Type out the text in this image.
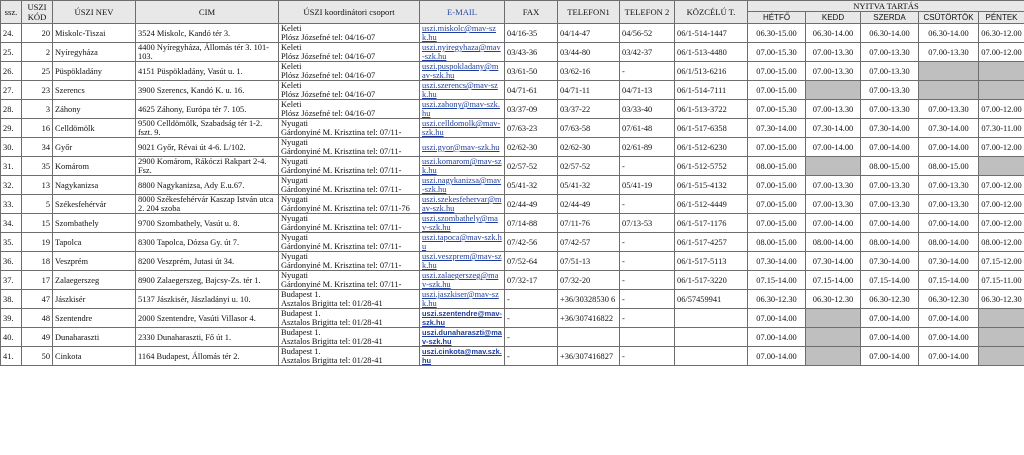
ssz.	USZI KÓD	ÚSZI NEV	CIM	ÚSZI koordinátori csoport	E-MAIL	FAX	TELEFON1	TELEFON 2	KÖZCÉLÚ T.	NYITVA TARTÁS				
										HÉTFŐ	KEDD	SZERDA	CSÜTÖRTÖK	PÉNTEK
24.	20	Miskolc-Tiszai	3524 Miskolc, Kandó tér 3.	Keleti
Plósz Józsefné tel: 04/16-07	uszi.miskolc@mav-szk.hu	04/16-35	04/14-47	04/56-52	06/1-514-1447	06.30-15.00	06.30-14.00	06.30-14.00	06.30-14.00	06.30-12.00
25.	2	Nyíregyháza	4400 Nyíregyháza, Állomás tér 3. 101-103.	Keleti
Plósz Józsefné tel: 04/16-07	uszi.nyiregyhaza@mav-szk.hu	03/43-36	03/44-80	03/42-37	06/1-513-4480	07.00-15.30	07.00-13.30	07.00-13.30	07.00-13.30	07.00-12.00
26.	25	Püspökladány	4151 Püspökladány, Vasút u. 1.	Keleti
Plósz Józsefné tel: 04/16-07	uszi.puspokladany@mav-szk.hu	03/61-50	03/62-16	-	06/1/513-6216	07.00-15.00	07.00-13.30	07.00-13.30		
27.	23	Szerencs	3900 Szerencs, Kandó K. u. 16.	Keleti
Plósz Józsefné tel: 04/16-07	uszi.szerencs@mav-szk.hu	04/71-61	04/71-11	04/71-13	06/1-514-7111	07.00-15.00		07.00-13.30		
28.	3	Záhony	4625 Záhony, Európa tér 7. 105.	Keleti
Plósz Józsefné tel: 04/16-07	uszi.zahony@mav-szk.hu	03/37-09	03/37-22	03/33-40	06/1-513-3722	07.00-15.30	07.00-13.30	07.00-13.30	07.00-13.30	07.00-12.00
29.	16	Celldömölk	9500 Celldömölk, Szabadság tér 1-2. fszt. 9.	Nyugati
Gárdonyiné M. Krisztina tel: 07/11-	uszi.celldomolk@mav-szk.hu	07/63-23	07/63-58	07/61-48	06/1-517-6358	07.30-14.00	07.30-14.00	07.30-14.00	07.30-14.00	07.30-11.00
30.	34	Győr	9021 Győr, Révai út 4-6. L/102.	Nyugati
Gárdonyiné M. Krisztina tel: 07/11-	uszi.gyor@mav-szk.hu	02/62-30	02/62-30	02/61-89	06/1-512-6230	07.00-15.00	07.00-14.00	07.00-14.00	07.00-14.00	07.00-12.00
31.	35	Komárom	2900 Komárom, Rákóczi Rakpart 2-4. Fsz.	Nyugati
Gárdonyiné M. Krisztina tel: 07/11-	uszi.komarom@mav-szk.hu	02/57-52	02/57-52	-	06/1-512-5752	08.00-15.00		08.00-15.00	08.00-15.00	
32.	13	Nagykanizsa	8800 Nagykanizsa, Ady E.u.67.	Nyugati
Gárdonyiné M. Krisztina tel: 07/11-	uszi.nagykanizsa@mav-szk.hu	05/41-32	05/41-32	05/41-19	06/1-515-4132	07.00-15.00	07.00-13.30	07.00-13.30	07.00-13.30	07.00-12.00
33.	5	Székesfehérvár	8000 Székesfehérvár Kaszap István utca 2. 204 szoba	Nyugati
Gárdonyiné M. Krisztina tel: 07/11-76	uszi.szekesfehervar@mav-szk.hu	02/44-49	02/44-49	-	06/1-512-4449	07.00-15.00	07.00-13.30	07.00-13.30	07.00-13.30	07.00-12.00
34.	15	Szombathely	9700 Szombathely, Vasút u. 8.	Nyugati
Gárdonyiné M. Krisztina tel: 07/11-	uszi.szombathely@mav-szk.hu	07/14-88	07/11-76	07/13-53	06/1-517-1176	07.00-15.00	07.00-14.00	07.00-14.00	07.00-14.00	07.00-12.00
35.	19	Tapolca	8300 Tapolca, Dózsa Gy. út 7.	Nyugati
Gárdonyiné M. Krisztina tel: 07/11-	uszi.tapoca@mav-szk.hu	07/42-56	07/42-57	-	06/1-517-4257	08.00-15.00	08.00-14.00	08.00-14.00	08.00-14.00	08.00-12.00
36.	18	Veszprém	8200 Veszprém, Jutasi út 34.	Nyugati
Gárdonyiné M. Krisztina tel: 07/11-	uszi.veszprem@mav-szk.hu	07/52-64	07/51-13	-	06/1-517-5113	07.30-14.00	07.30-14.00	07.30-14.00	07.30-14.00	07.15-12.00
37.	17	Zalaegerszeg	8900 Zalaegerszeg, Bajcsy-Zs. tér 1.	Nyugati
Gárdonyiné M. Krisztina tel: 07/11-	uszi.zalaegerszeg@mav-szk.hu	07/32-17	07/32-20	-	06/1-517-3220	07.15-14.00	07.15-14.00	07.15-14.00	07.15-14.00	07.15-11.00
38.	47	Jászkisér	5137 Jászkisér, Jászladányi u. 10.	Budapest 1.
Asztalos Brigitta tel: 01/28-41	uszi.jaszkiser@mav-szk.hu	-	+36/30328530 6	-	06/57459941	06.30-12.30	06.30-12.30	06.30-12.30	06.30-12.30	06.30-12.30
39.	48	Szentendre	2000 Szentendre, Vasúti Villasor 4.	Budapest 1.
Asztalos Brigitta tel: 01/28-41	uszi.szentendre@mav-szk.hu	-	+36/307416822	-		07.00-14.00		07.00-14.00	07.00-14.00	
40.	49	Dunaharaszti	2330 Dunaharaszti, Fő út 1.	Budapest 1.
Asztalos Brigitta tel: 01/28-41	uszi.dunaharaszti@mav-szk.hu	-				07.00-14.00		07.00-14.00	07.00-14.00	
41.	50	Cinkota	1164 Budapest, Állomás tér 2.	Budapest 1.
Asztalos Brigitta tel: 01/28-41	uszi.cinkota@mav.szk.hu	-	+36/307416827	-		07.00-14.00		07.00-14.00	07.00-14.00	
